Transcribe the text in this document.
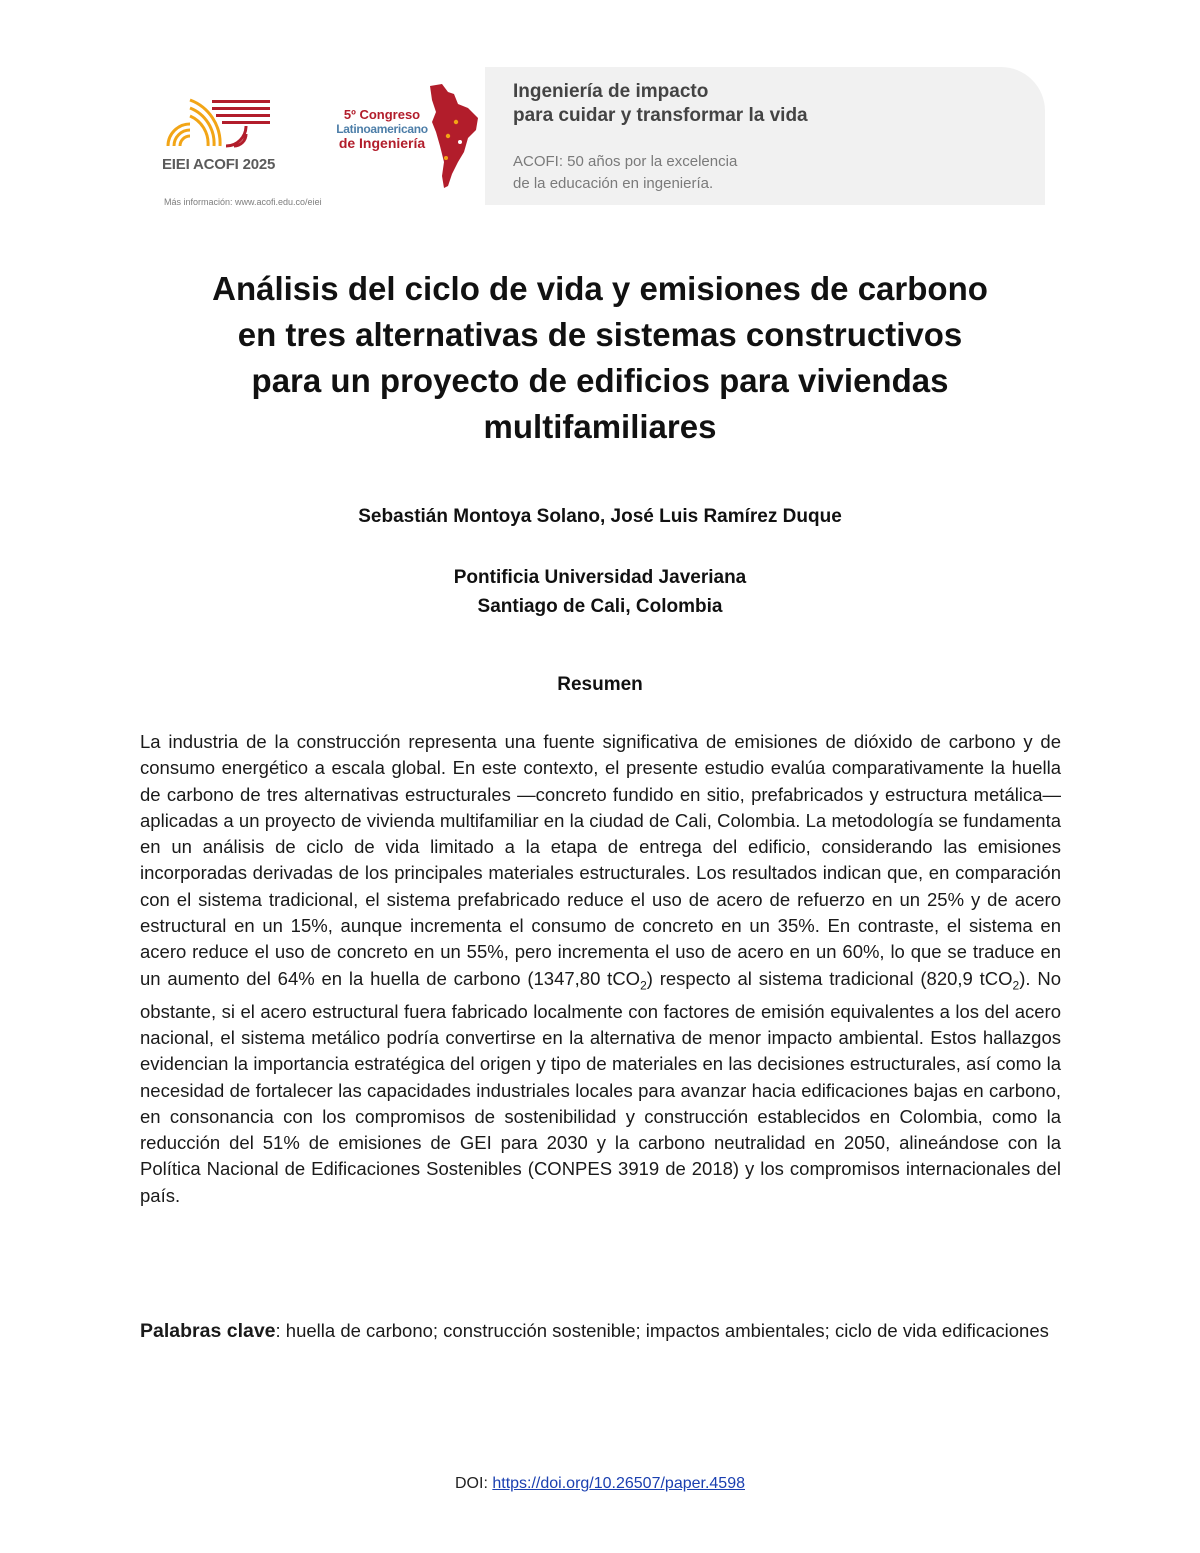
EIEI ACOFI 2025
Más información: www.acofi.edu.co/eiei
5º Congreso
Latinoamericano
de Ingeniería
Ingeniería de impacto
para cuidar y transformar la vida
ACOFI: 50 años por la excelencia
de la educación en ingeniería.
Análisis del ciclo de vida y emisiones de carbono
en tres alternativas de sistemas constructivos
para un proyecto de edificios para viviendas
multifamiliares
Sebastián Montoya Solano, José Luis Ramírez Duque
Pontificia Universidad Javeriana
Santiago de Cali, Colombia
Resumen
La industria de la construcción representa una fuente significativa de emisiones de dióxido de carbono y de consumo energético a escala global. En este contexto, el presente estudio evalúa comparativamente la huella de carbono de tres alternativas estructurales —concreto fundido en sitio, prefabricados y estructura metálica— aplicadas a un proyecto de vivienda multifamiliar en la ciudad de Cali, Colombia. La metodología se fundamenta en un análisis de ciclo de vida limitado a la etapa de entrega del edificio, considerando las emisiones incorporadas derivadas de los principales materiales estructurales. Los resultados indican que, en comparación con el sistema tradicional, el sistema prefabricado reduce el uso de acero de refuerzo en un 25% y de acero estructural en un 15%, aunque incrementa el consumo de concreto en un 35%. En contraste, el sistema en acero reduce el uso de concreto en un 55%, pero incrementa el uso de acero en un 60%, lo que se traduce en un aumento del 64% en la huella de carbono (1347,80 tCO$_2$) respecto al sistema tradicional (820,9 tCO$_2$). No obstante, si el acero estructural fuera fabricado localmente con factores de emisión equivalentes a los del acero nacional, el sistema metálico podría convertirse en la alternativa de menor impacto ambiental. Estos hallazgos evidencian la importancia estratégica del origen y tipo de materiales en las decisiones estructurales, así como la necesidad de fortalecer las capacidades industriales locales para avanzar hacia edificaciones bajas en carbono, en consonancia con los compromisos de sostenibilidad y construcción establecidos en Colombia, como la reducción del 51% de emisiones de GEI para 2030 y la carbono neutralidad en 2050, alineándose con la Política Nacional de Edificaciones Sostenibles (CONPES 3919 de 2018) y los compromisos internacionales del país.
Palabras clave: huella de carbono; construcción sostenible; impactos ambientales; ciclo de vida edificaciones
DOI: https://doi.org/10.26507/paper.4598
